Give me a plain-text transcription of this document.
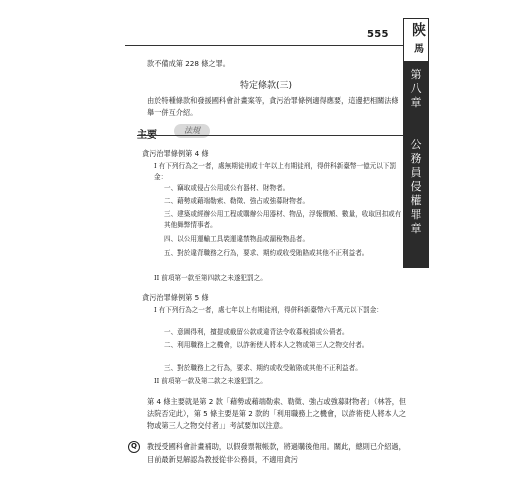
555 陕
馬
第
八
章
公
務
員
侵
權
罪
章
款不備成第 228 條之罪。
特定條款(三)
由於特種條款和發援國科會計畫案等，貪污治罪條例適得應要，這邊把相關法條舉一併互介紹。
法規
貪污治罪條例第 4 條
I 有下列行為之一者，處無期徒刑或十年以上有期徒刑，得併科新臺幣一億元以下罰金：
一、竊取或侵占公用或公有器材、財物者。
二、藉勢或藉端勒索、勒徵、強占或強募財物者。
三、建築或經辦公用工程或購辦公用器材、物品，浮報價額、數量，收取回扣或有其他舞弊情事者。
四、以公用運輸工具裝運違禁物品或漏稅物品者。
五、對於違背職務之行為，要求、期約或收受賄賂或其他不正利益者。
II 前項第一款至第四款之未遂犯罰之。
貪污治罪條例第 5 條
I 有下列行為之一者，處七年以上有期徒刑，得併科新臺幣六千萬元以下罰金：
一、意圖得利，擅提或截留公款或違背法令收募稅捐或公債者。
二、利用職務上之機會，以詐術使人將本人之物或第三人之物交付者。
三、對於職務上之行為，要求、期約或收受賄賂或其他不正利益者。
II 前項第一款及第二款之未遂犯罰之。
第 4 條主要就是第 2 款「藉勢或藉端勒索、勒徵、強占或強募財物者」（林答，但法院否定此），第 5 條主要是第 2 款的「利用職務上之機會，以詐術使人將本人之物或第三人之物交付者」」考試要加以注意。
Q	教授受國科會計畫補助，以假發票報帳款，將過購後他用。關此，總則已介紹過，目前最新見解認為教授從非公務員，不適用貪污
